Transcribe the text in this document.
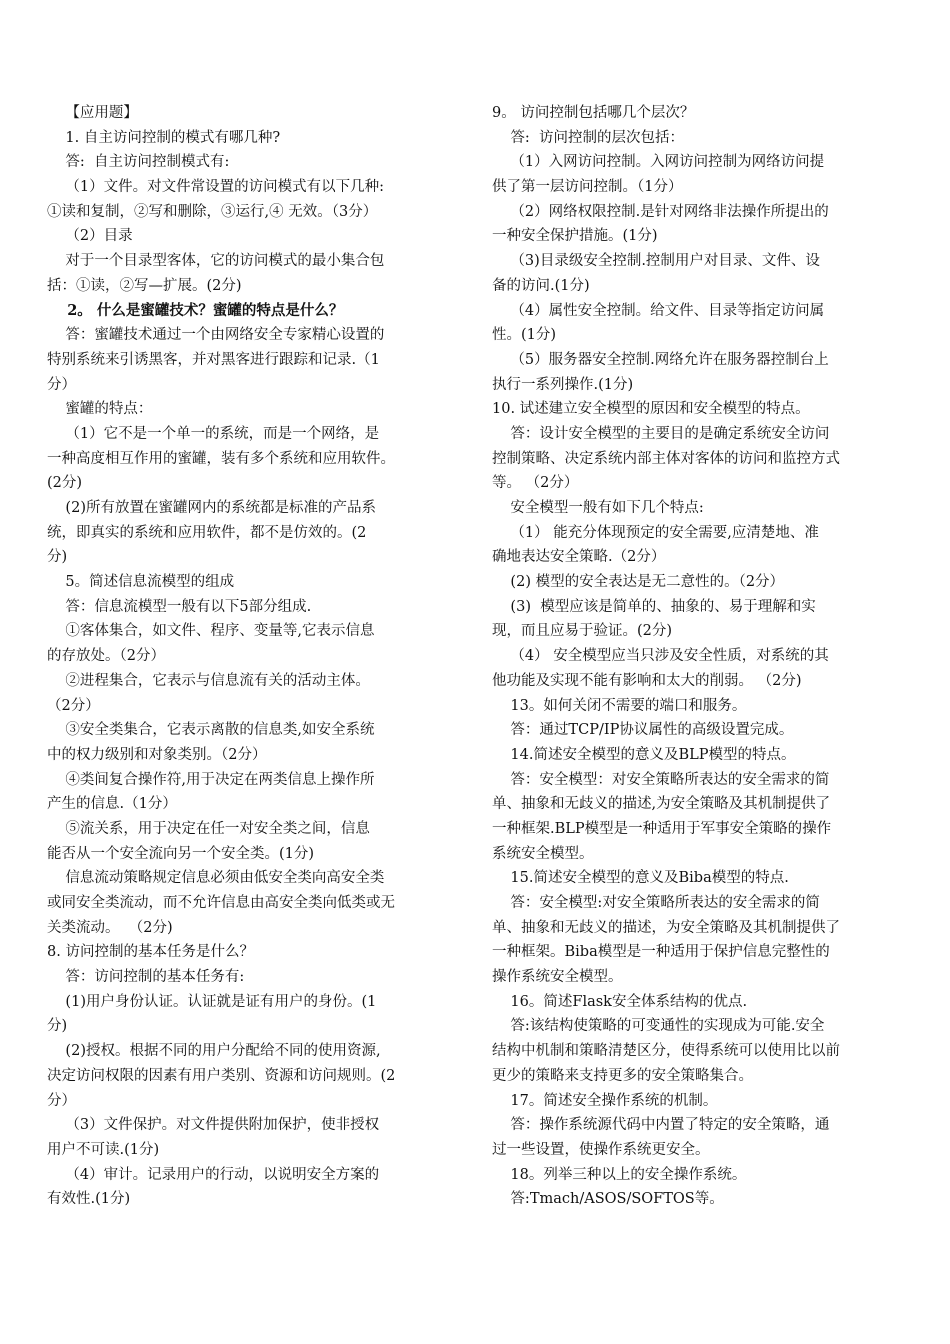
【应用题】
1. 自主访问控制的模式有哪几种?
答:  自主访问控制模式有:
（1）文件。对文件常设置的访问模式有以下几种:
①读和复制，②写和删除，③运行,④ 无效。（3分）
（2）目录
对于一个目录型客体，它的访问模式的最小集合包
括：①读，②写—扩展。(2分)
2。 什么是蜜罐技术？蜜罐的特点是什么？
答：蜜罐技术通过一个由网络安全专家精心设置的
特别系统来引诱黑客，并对黑客进行跟踪和记录.（1
分）
蜜罐的特点：
（1）它不是一个单一的系统，而是一个网络，是
一种高度相互作用的蜜罐，装有多个系统和应用软件。
(2分)
(2)所有放置在蜜罐网内的系统都是标准的产品系
统，即真实的系统和应用软件，都不是仿效的。(2
分)
5。简述信息流模型的组成
答：信息流模型一般有以下5部分组成.
①客体集合，如文件、程序、变量等,它表示信息
的存放处。（2分）
②进程集合，它表示与信息流有关的活动主体。
（2分）
③安全类集合，它表示离散的信息类,如安全系统
中的权力级别和对象类别。（2分）
④类间复合操作符,用于决定在两类信息上操作所
产生的信息.（1分）
⑤流关系，用于决定在任一对安全类之间，信息
能否从一个安全流向另一个安全类。(1分)
信息流动策略规定信息必须由低安全类向高安全类
或同安全类流动，而不允许信息由高安全类向低类或无
关类流动。  （2分)
8. 访问控制的基本任务是什么？
答：访问控制的基本任务有:
(1)用户身份认证。认证就是证有用户的身份。(1
分)
(2)授权。根据不同的用户分配给不同的使用资源,
决定访问权限的因素有用户类别、资源和访问规则。(2
分）
（3）文件保护。对文件提供附加保护，使非授权
用户不可读.(1分)
（4）审计。记录用户的行动，以说明安全方案的
有效性.(1分)
9。 访问控制包括哪几个层次？
答:  访问控制的层次包括：
（1）入网访问控制。入网访问控制为网络访问提
供了第一层访问控制。（1分）
（2）网络权限控制.是针对网络非法操作所提出的
一种安全保护措施。(1分)
（3)目录级安全控制.控制用户对目录、文件、设
备的访问.(1分)
（4）属性安全控制。给文件、目录等指定访问属
性。(1分)
（5）服务器安全控制.网络允许在服务器控制台上
执行一系列操作.(1分)
10. 试述建立安全模型的原因和安全模型的特点。
答：设计安全模型的主要目的是确定系统安全访问
控制策略、决定系统内部主体对客体的访问和监控方式
等。 （2分）
安全模型一般有如下几个特点:
（1） 能充分体现预定的安全需要,应清楚地、准
确地表达安全策略.（2分）
(2) 模型的安全表达是无二意性的。（2分）
(3)  模型应该是简单的、抽象的、易于理解和实
现，而且应易于验证。(2分)
（4） 安全模型应当只涉及安全性质，对系统的其
他功能及实现不能有影响和太大的削弱。 （2分)
13。如何关闭不需要的端口和服务。
答：通过TCP/IP协议属性的高级设置完成。
14.简述安全模型的意义及BLP模型的特点。
答：安全模型：对安全策略所表达的安全需求的简
单、抽象和无歧义的描述,为安全策略及其机制提供了
一种框架.BLP模型是一种适用于军事安全策略的操作
系统安全模型。
15.简述安全模型的意义及Biba模型的特点.
答：安全模型:对安全策略所表达的安全需求的简
单、抽象和无歧义的描述，为安全策略及其机制提供了
一种框架。Biba模型是一种适用于保护信息完整性的
操作系统安全模型。
16。简述Flask安全体系结构的优点.
答:该结构使策略的可变通性的实现成为可能.安全
结构中机制和策略清楚区分，使得系统可以使用比以前
更少的策略来支持更多的安全策略集合。
17。简述安全操作系统的机制。
答：操作系统源代码中内置了特定的安全策略，通
过一些设置，使操作系统更安全。
18。列举三种以上的安全操作系统。
答:Tmach/ASOS/SOFTOS等。
